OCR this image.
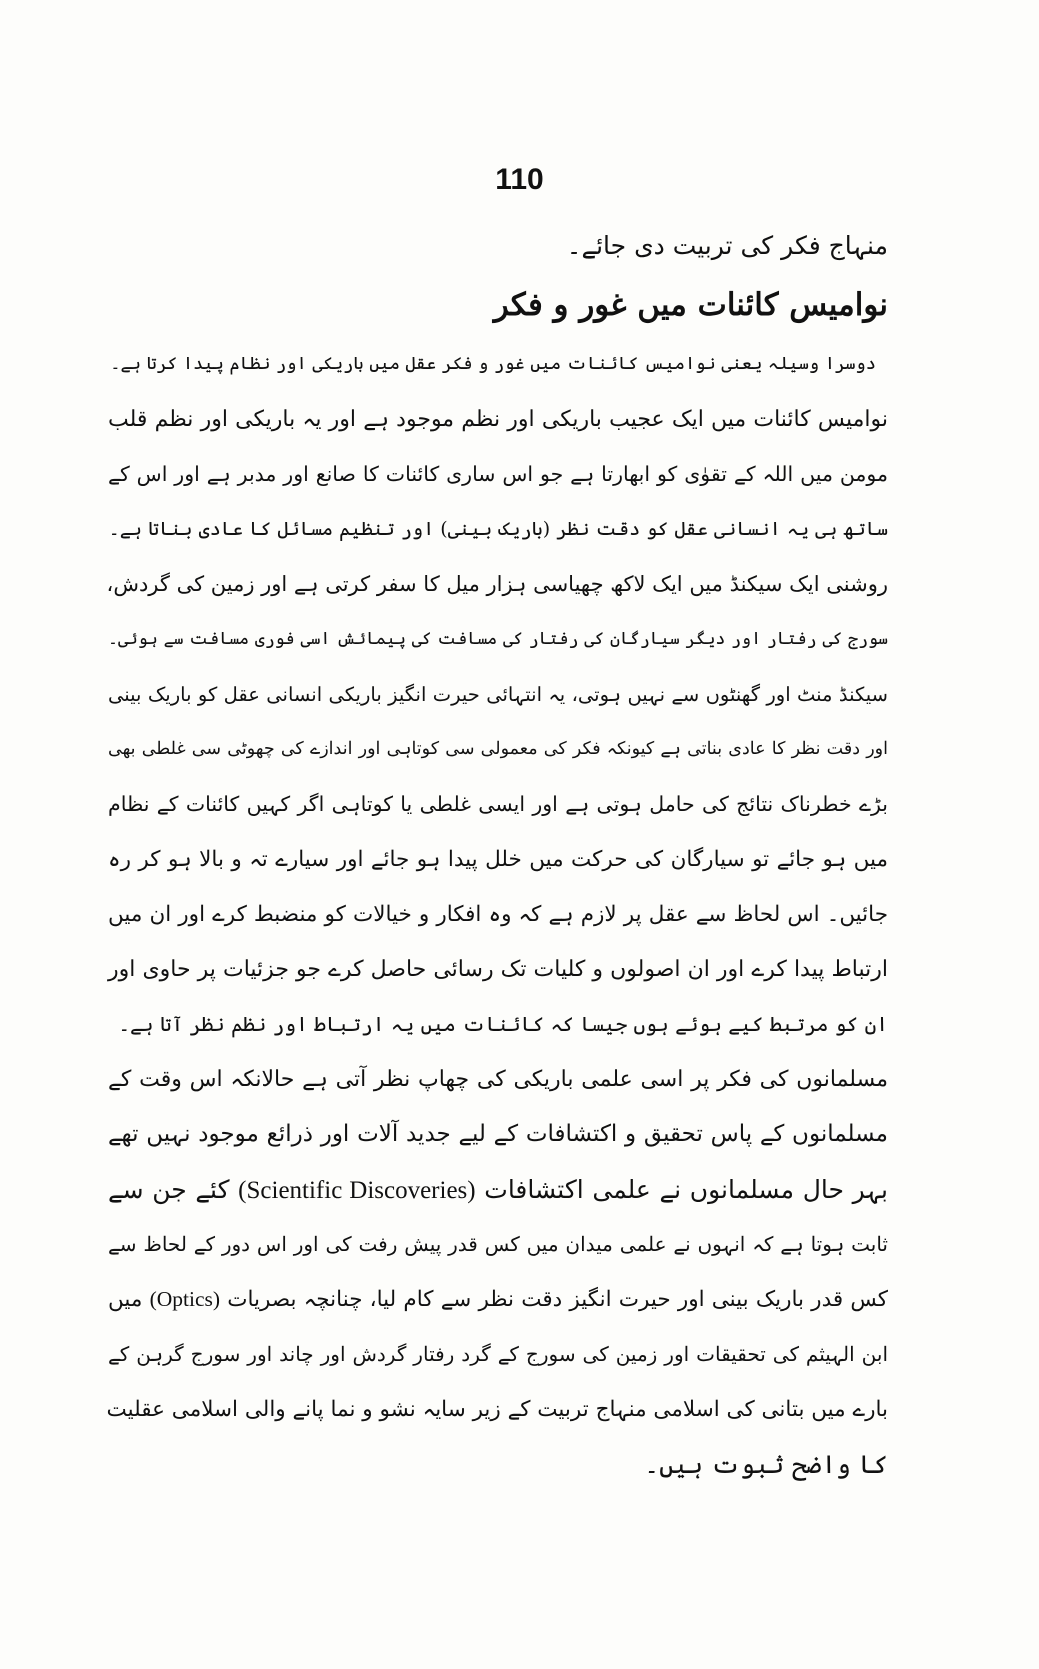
110
منہاج فکر کی تربیت دی جائے۔
نوامیس کائنات میں غور و فکر
دوسرا وسیلہ یعنی نوامیس کائنات میں غور و فکر عقل میں باریکی اور نظام پیدا کرتا ہے۔
نوامیس کائنات میں ایک عجیب باریکی اور نظم موجود ہے اور یہ باریکی اور نظم قلب
مومن میں اللہ کے تقوٰی کو ابھارتا ہے جو اس ساری کائنات کا صانع اور مدبر ہے اور اس کے
ساتھ ہی یہ انسانی عقل کو دقت نظر (باریک بینی) اور تنظیم مسائل کا عادی بناتا ہے۔
روشنی ایک سیکنڈ میں ایک لاکھ چھیاسی ہزار میل کا سفر کرتی ہے اور زمین کی گردش،
سورج کی رفتار اور دیگر سیارگان کی رفتار کی مسافت کی پیمائش اسی فوری مسافت سے ہوئی۔
سیکنڈ منٹ اور گھنٹوں سے نہیں ہوتی، یہ انتہائی حیرت انگیز باریکی انسانی عقل کو باریک بینی
اور دقت نظر کا عادی بناتی ہے کیونکہ فکر کی معمولی سی کوتاہی اور اندازے کی چھوٹی سی غلطی بھی
بڑے خطرناک نتائج کی حامل ہوتی ہے اور ایسی غلطی یا کوتاہی اگر کہیں کائنات کے نظام
میں ہو جائے تو سیارگان کی حرکت میں خلل پیدا ہو جائے اور سیارے تہ و بالا ہو کر رہ
جائیں۔ اس لحاظ سے عقل پر لازم ہے کہ وہ افکار و خیالات کو منضبط کرے اور ان میں
ارتباط پیدا کرے اور ان اصولوں و کلیات تک رسائی حاصل کرے جو جزئیات پر حاوی اور
ان کو مرتبط کیے ہوئے ہوں جیسا کہ کائنات میں یہ ارتباط اور نظم نظر آتا ہے۔
مسلمانوں کی فکر پر اسی علمی باریکی کی چھاپ نظر آتی ہے حالانکہ اس وقت کے
مسلمانوں کے پاس تحقیق و اکتشافات کے لیے جدید آلات اور ذرائع موجود نہیں تھے
بہر حال مسلمانوں نے علمی اکتشافات (Scientific Discoveries) کئے جن سے
ثابت ہوتا ہے کہ انہوں نے علمی میدان میں کس قدر پیش رفت کی اور اس دور کے لحاظ سے
کس قدر باریک بینی اور حیرت انگیز دقت نظر سے کام لیا، چنانچہ بصریات (Optics) میں
ابن الہیثم کی تحقیقات اور زمین کی سورج کے گرد رفتار گردش اور چاند اور سورج گرہن کے
بارے میں بتانی کی اسلامی منہاج تربیت کے زیر سایہ نشو و نما پانے والی اسلامی عقلیت
کا واضح ثبوت ہیں۔
